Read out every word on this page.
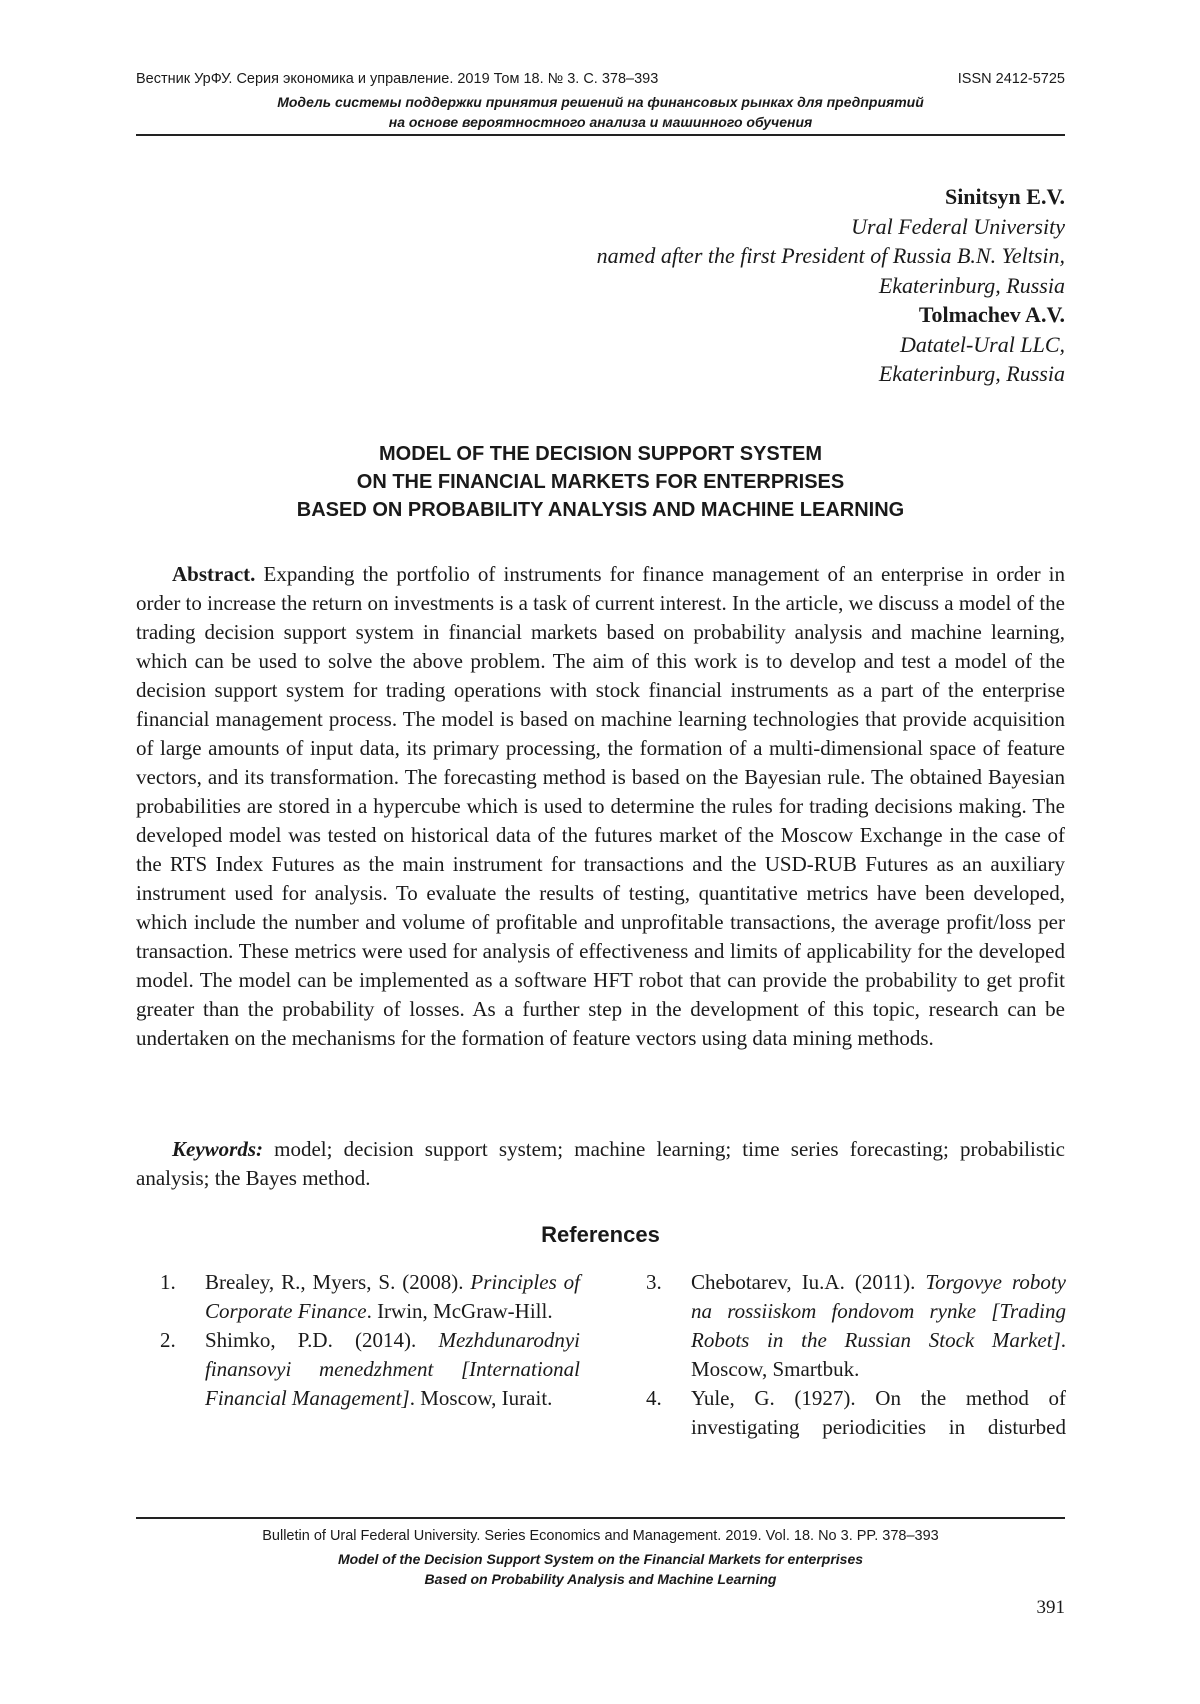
Вестник УрФУ. Серия экономика и управление. 2019 Том 18. № 3. С. 378–393	ISSN 2412-5725
Модель системы поддержки принятия решений на финансовых рынках для предприятий
на основе вероятностного анализа и машинного обучения
Sinitsyn E.V.
Ural Federal University
named after the first President of Russia B.N. Yeltsin,
Ekaterinburg, Russia
Tolmachev A.V.
Datatel-Ural LLC,
Ekaterinburg, Russia
MODEL OF THE DECISION SUPPORT SYSTEM
ON THE FINANCIAL MARKETS FOR ENTERPRISES
BASED ON PROBABILITY ANALYSIS AND MACHINE LEARNING

Abstract. Expanding the portfolio of instruments for finance management of an enterprise in order in order to increase the return on investments is a task of current interest. In the article, we discuss a model of the trading decision support system in financial markets based on probability analysis and machine learning, which can be used to solve the above problem. The aim of this work is to develop and test a model of the decision support system for trading operations with stock financial instruments as a part of the enterprise financial management process. The model is based on machine learning technologies that provide acquisition of large amounts of input data, its primary processing, the formation of a multi-dimensional space of feature vectors, and its transformation. The forecasting method is based on the Bayesian rule. The obtained Bayesian probabilities are stored in a hypercube which is used to determine the rules for trading decisions making. The developed model was tested on historical data of the futures market of the Moscow Exchange in the case of the RTS Index Futures as the main instrument for transactions and the USD-RUB Futures as an auxiliary instrument used for analysis. To evaluate the results of testing, quantitative metrics have been developed, which include the number and volume of profitable and unprofitable transactions, the average profit/loss per transaction. These metrics were used for analysis of effectiveness and limits of applicability for the developed model. The model can be implemented as a software HFT robot that can provide the probability to get profit greater than the probability of losses. As a further step in the development of this topic, research can be undertaken on the mechanisms for the formation of feature vectors using data mining methods.

Keywords: model; decision support system; machine learning; time series forecasting; probabilistic analysis; the Bayes method.

References
1. Brealey, R., Myers, S. (2008). Principles of Corporate Finance. Irwin, McGraw-Hill.
2. Shimko, P.D. (2014). Mezhdunarodnyi finansovyi menedzhment [International Financial Management]. Moscow, Iurait.
3. Chebotarev, Iu.A. (2011). Torgovye roboty na rossiiskom fondovom rynke [Trading Robots in the Russian Stock Market]. Moscow, Smartbuk.
4. Yule, G. (1927). On the method of investigating periodicities in disturbed
Bulletin of Ural Federal University. Series Economics and Management. 2019. Vol. 18. No 3. PP. 378–393
Model of the Decision Support System on the Financial Markets for enterprises
Based on Probability Analysis and Machine Learning
391
